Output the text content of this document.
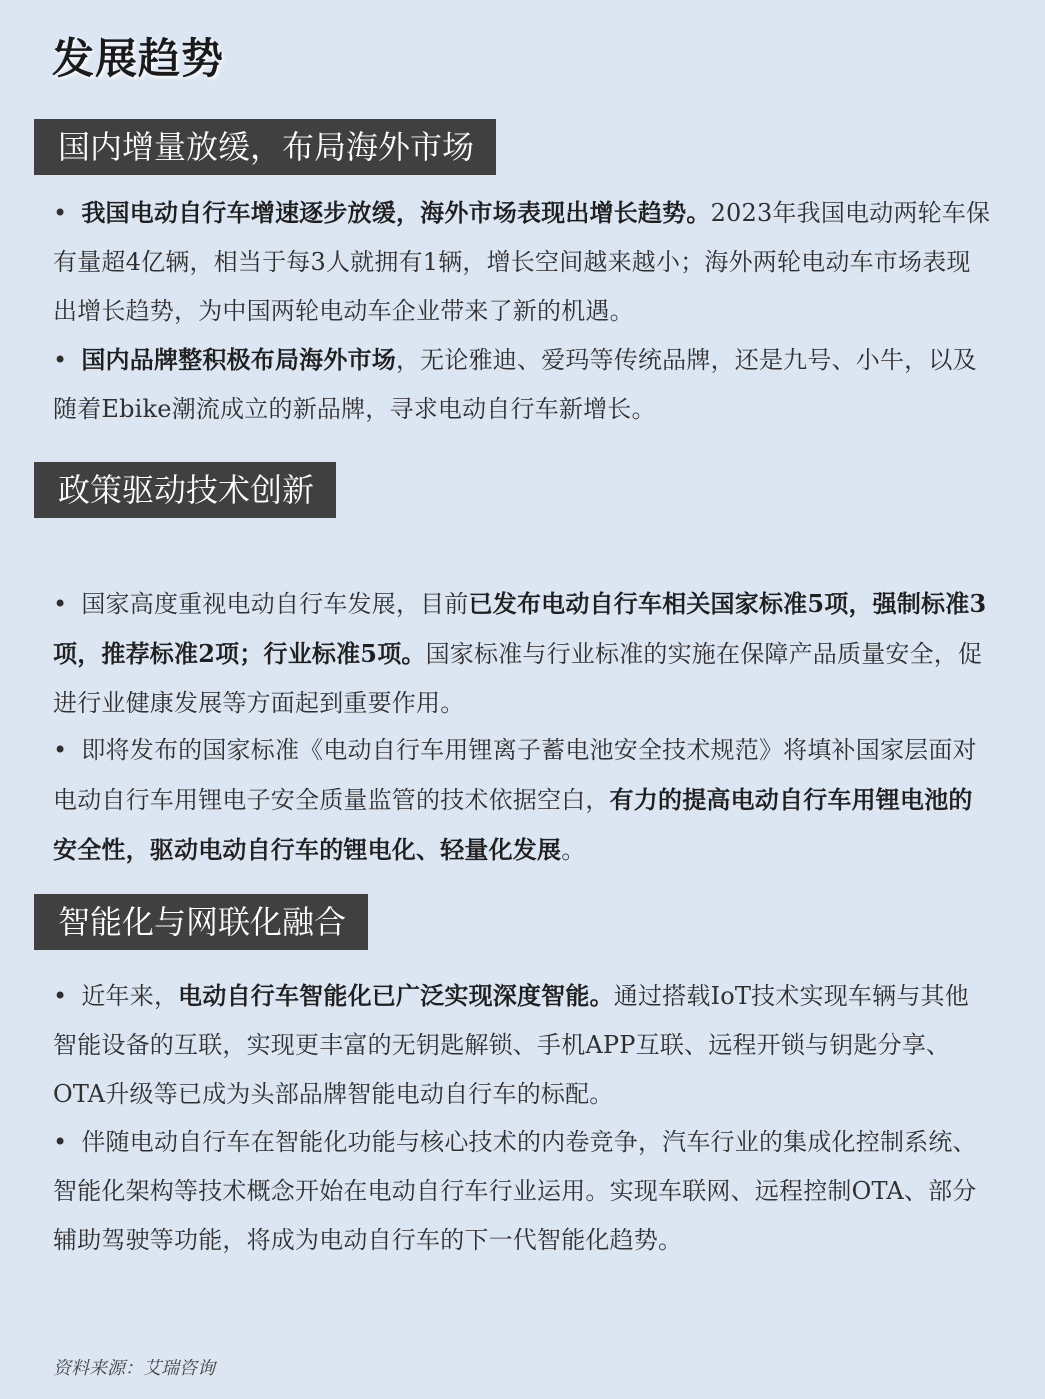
发展趋势
国内增量放缓，布局海外市场
• 我国电动自行车增速逐步放缓，海外市场表现出增长趋势。2023年我国电动两轮车保有量超4亿辆，相当于每3人就拥有1辆，增长空间越来越小；海外两轮电动车市场表现出增长趋势，为中国两轮电动车企业带来了新的机遇。
• 国内品牌整积极布局海外市场，无论雅迪、爱玛等传统品牌，还是九号、小牛，以及随着Ebike潮流成立的新品牌，寻求电动自行车新增长。
政策驱动技术创新
• 国家高度重视电动自行车发展，目前已发布电动自行车相关国家标准5项，强制标准3项，推荐标准2项；行业标准5项。国家标准与行业标准的实施在保障产品质量安全，促进行业健康发展等方面起到重要作用。
• 即将发布的国家标准《电动自行车用锂离子蓄电池安全技术规范》将填补国家层面对电动自行车用锂电子安全质量监管的技术依据空白，有力的提高电动自行车用锂电池的安全性，驱动电动自行车的锂电化、轻量化发展。
智能化与网联化融合
• 近年来，电动自行车智能化已广泛实现深度智能。通过搭载IoT技术实现车辆与其他智能设备的互联，实现更丰富的无钥匙解锁、手机APP互联、远程开锁与钥匙分享、OTA升级等已成为头部品牌智能电动自行车的标配。
• 伴随电动自行车在智能化功能与核心技术的内卷竞争，汽车行业的集成化控制系统、智能化架构等技术概念开始在电动自行车行业运用。实现车联网、远程控制OTA、部分辅助驾驶等功能，将成为电动自行车的下一代智能化趋势。
资料来源：艾瑞咨询
